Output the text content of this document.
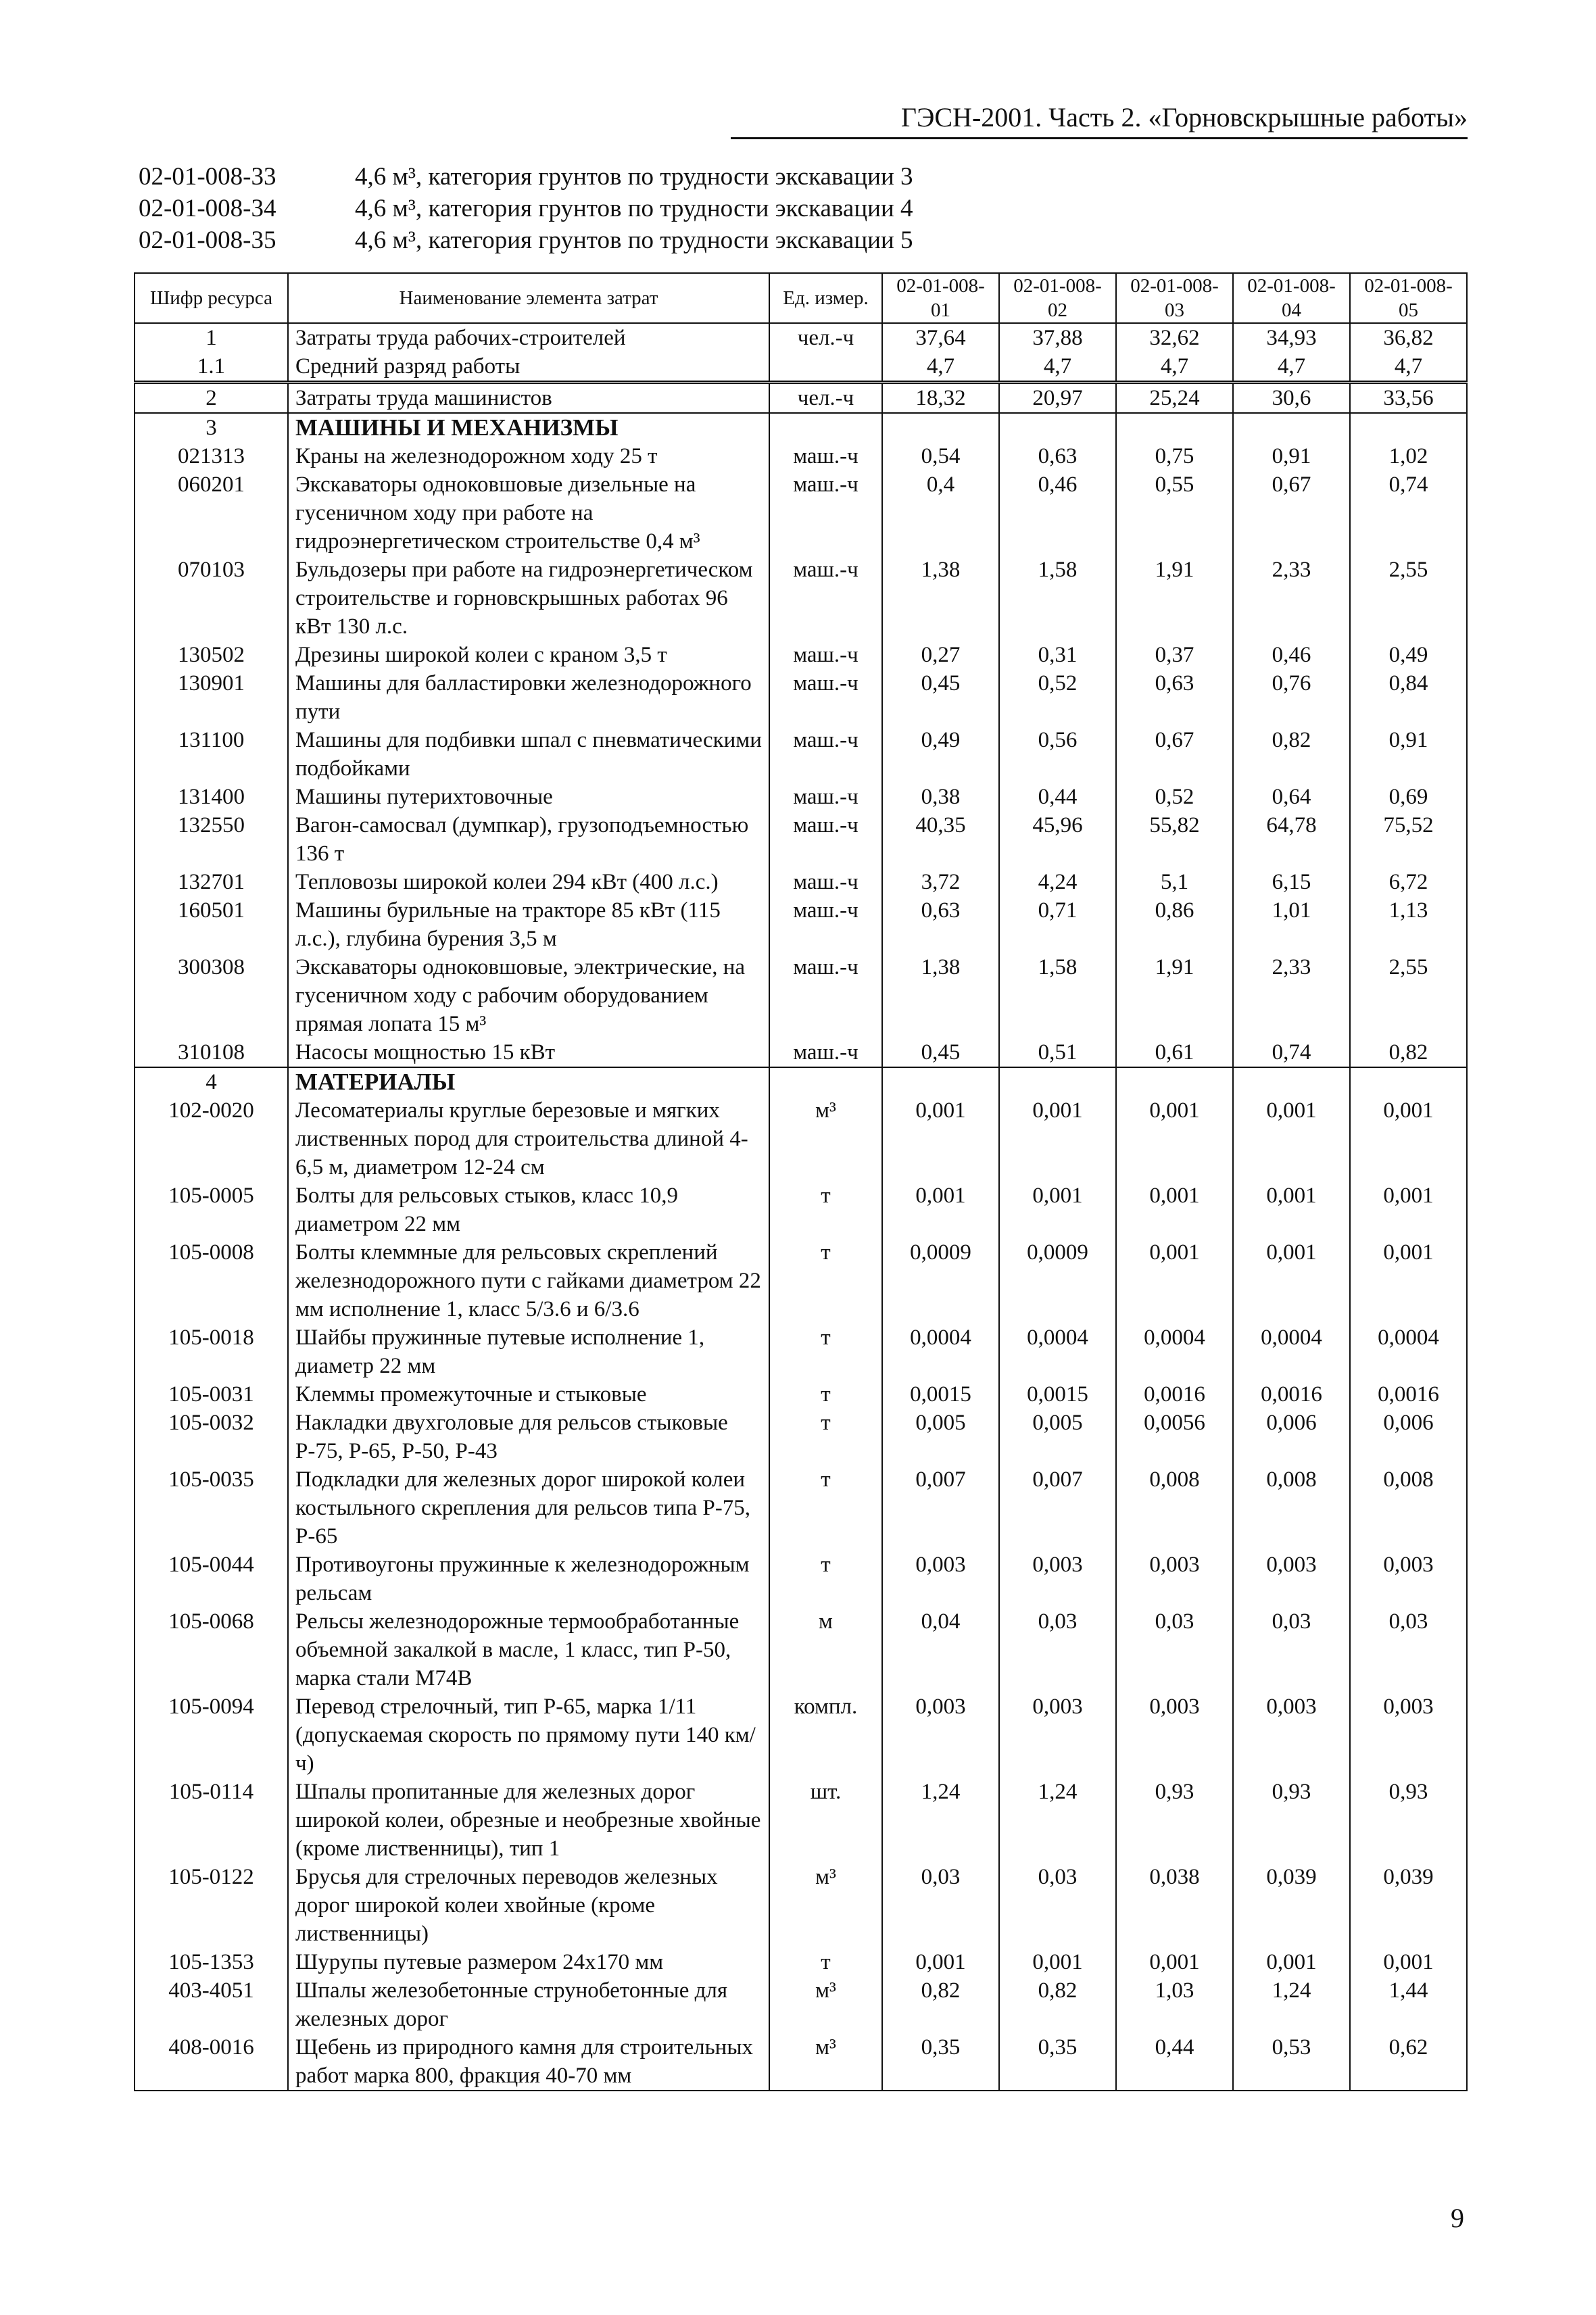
ГЭСН-2001. Часть 2. «Горновскрышные работы»
02-01-008-33	4,6 м³, категория грунтов по трудности экскавации 3
02-01-008-34	4,6 м³, категория грунтов по трудности экскавации 4
02-01-008-35	4,6 м³, категория грунтов по трудности экскавации 5
Шифр ресурса	Наименование элемента затрат	Ед. измер.	02-01-008-01	02-01-008-02	02-01-008-03	02-01-008-04	02-01-008-05
1	Затраты труда рабочих-строителей	чел.-ч	37,64	37,88	32,62	34,93	36,82
1.1	Средний разряд работы		4,7	4,7	4,7	4,7	4,7
2	Затраты труда машинистов	чел.-ч	18,32	20,97	25,24	30,6	33,56
3	МАШИНЫ И МЕХАНИЗМЫ						
021313	Краны на железнодорожном ходу 25 т	маш.-ч	0,54	0,63	0,75	0,91	1,02
060201	Экскаваторы одноковшовые дизельные на гусеничном ходу при работе на гидроэнергетическом строительстве 0,4 м³	маш.-ч	0,4	0,46	0,55	0,67	0,74
070103	Бульдозеры при работе на гидроэнергетическом строительстве и горновскрышных работах 96 кВт 130 л.с.	маш.-ч	1,38	1,58	1,91	2,33	2,55
130502	Дрезины широкой колеи с краном 3,5 т	маш.-ч	0,27	0,31	0,37	0,46	0,49
130901	Машины для балластировки железнодорожного пути	маш.-ч	0,45	0,52	0,63	0,76	0,84
131100	Машины для подбивки шпал с пневматическими подбойками	маш.-ч	0,49	0,56	0,67	0,82	0,91
131400	Машины путерихтовочные	маш.-ч	0,38	0,44	0,52	0,64	0,69
132550	Вагон-самосвал (думпкар), грузоподъемностью 136 т	маш.-ч	40,35	45,96	55,82	64,78	75,52
132701	Тепловозы широкой колеи 294 кВт (400 л.с.)	маш.-ч	3,72	4,24	5,1	6,15	6,72
160501	Машины бурильные на тракторе 85 кВт (115 л.с.), глубина бурения 3,5 м	маш.-ч	0,63	0,71	0,86	1,01	1,13
300308	Экскаваторы одноковшовые, электрические, на гусеничном ходу с рабочим оборудованием прямая лопата 15 м³	маш.-ч	1,38	1,58	1,91	2,33	2,55
310108	Насосы мощностью 15 кВт	маш.-ч	0,45	0,51	0,61	0,74	0,82
4	МАТЕРИАЛЫ						
102-0020	Лесоматериалы круглые березовые и мягких лиственных пород для строительства длиной 4-6,5 м, диаметром 12-24 см	м³	0,001	0,001	0,001	0,001	0,001
105-0005	Болты для рельсовых стыков, класс 10,9 диаметром 22 мм	т	0,001	0,001	0,001	0,001	0,001
105-0008	Болты клеммные для рельсовых скреплений железнодорожного пути с гайками диаметром 22 мм исполнение 1, класс 5/3.6 и 6/3.6	т	0,0009	0,0009	0,001	0,001	0,001
105-0018	Шайбы пружинные путевые исполнение 1, диаметр 22 мм	т	0,0004	0,0004	0,0004	0,0004	0,0004
105-0031	Клеммы промежуточные и стыковые	т	0,0015	0,0015	0,0016	0,0016	0,0016
105-0032	Накладки двухголовые для рельсов стыковые Р-75, Р-65, Р-50, Р-43	т	0,005	0,005	0,0056	0,006	0,006
105-0035	Подкладки для железных дорог широкой колеи костыльного скрепления для рельсов типа Р-75, Р-65	т	0,007	0,007	0,008	0,008	0,008
105-0044	Противоугоны пружинные к железнодорожным рельсам	т	0,003	0,003	0,003	0,003	0,003
105-0068	Рельсы железнодорожные термообработанные объемной закалкой в масле, 1 класс, тип Р-50, марка стали М74В	м	0,04	0,03	0,03	0,03	0,03
105-0094	Перевод стрелочный, тип Р-65, марка 1/11 (допускаемая скорость по прямому пути 140 км/ч)	компл.	0,003	0,003	0,003	0,003	0,003
105-0114	Шпалы пропитанные для железных дорог широкой колеи, обрезные и необрезные хвойные (кроме лиственницы), тип 1	шт.	1,24	1,24	0,93	0,93	0,93
105-0122	Брусья для стрелочных переводов железных дорог широкой колеи хвойные (кроме лиственницы)	м³	0,03	0,03	0,038	0,039	0,039
105-1353	Шурупы путевые размером 24х170 мм	т	0,001	0,001	0,001	0,001	0,001
403-4051	Шпалы железобетонные струнобетонные для железных дорог	м³	0,82	0,82	1,03	1,24	1,44
408-0016	Щебень из природного камня для строительных работ марка 800, фракция 40-70 мм	м³	0,35	0,35	0,44	0,53	0,62
9
